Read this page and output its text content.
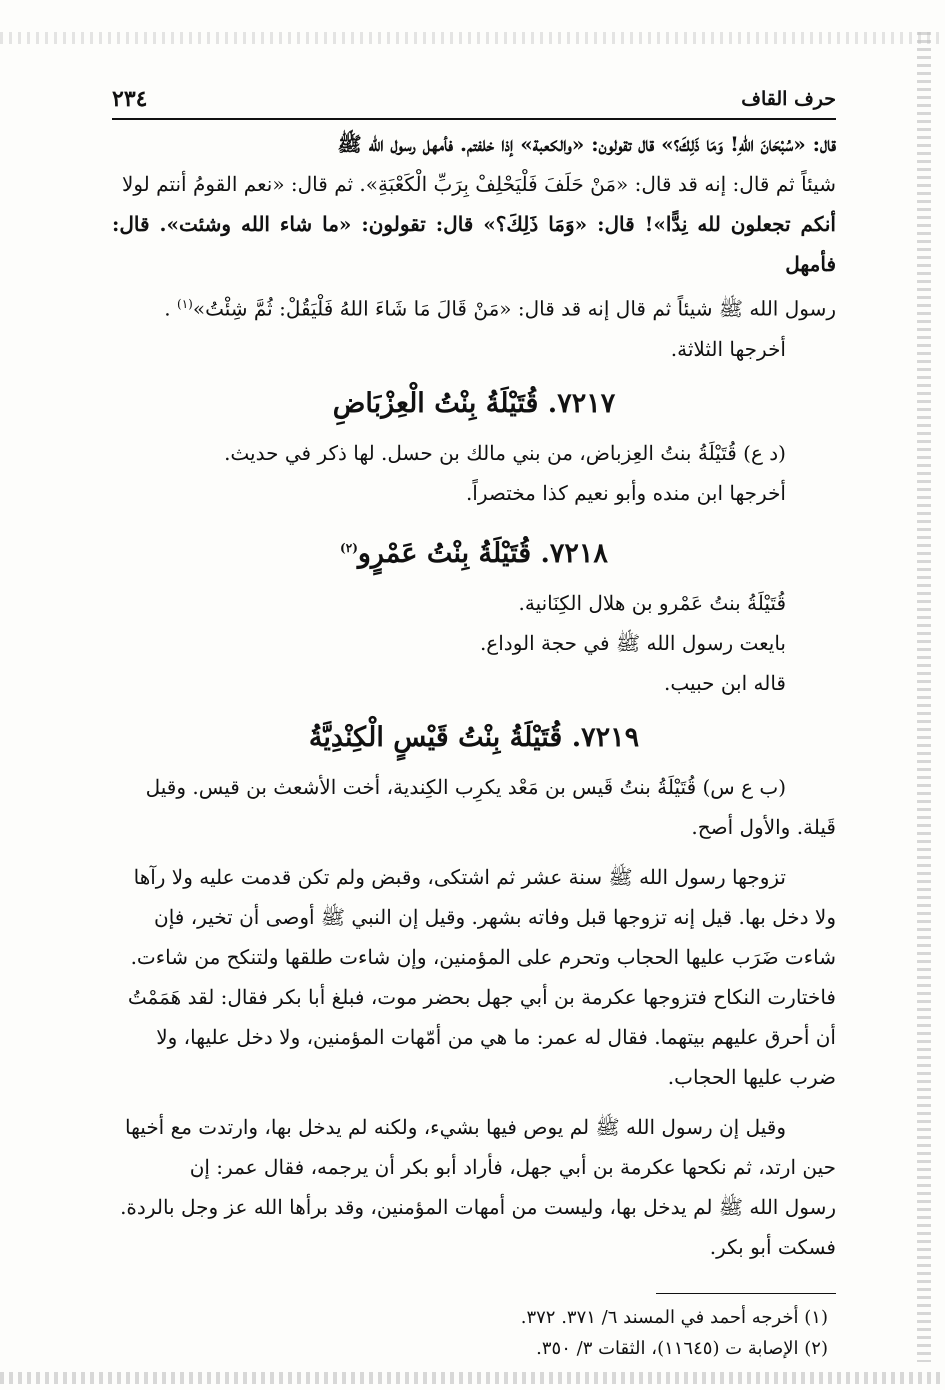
حرف القاف
٢٣٤

قال: «سُبْحَانَ اللهِ! وَمَا ذَلِكَ؟» قال تقولون: «والكعبة» إذا خلفتم. فأمهل رسول الله ﷺ

شيئاً ثم قال: إنه قد قال: «مَنْ حَلَفَ فَلْيَحْلِفْ بِرَبِّ الْكَعْبَةِ». ثم قال: «نعم القومُ أنتم لولا

أنكم تجعلون لله نِدًّا»! قال: «وَمَا ذَلِكَ؟» قال: تقولون: «ما شاء الله وشئت». قال: فأمهل

رسول الله ﷺ شيئاً ثم قال إنه قد قال: «مَنْ قَالَ مَا شَاءَ اللهُ فَلْيَقُلْ: ثُمَّ شِئْتُ»$^{(١)}$ .

أخرجها الثلاثة.

٧٢١٧. قُتَيْلَةُ بِنْتُ الْعِزْبَاضِ

(د ع) قُتَيْلَةُ بنتُ العِزباض، من بني مالك بن حسل. لها ذكر في حديث.

أخرجها ابن منده وأبو نعيم كذا مختصراً.

٧٢١٨. قُتَيْلَةُ بِنْتُ عَمْرٍو$^{(٢)}$

قُتَيْلَةُ بنتُ عَمْرو بن هلال الكِنَانية.

بايعت رسول الله ﷺ في حجة الوداع.

قاله ابن حبيب.

٧٢١٩. قُتَيْلَةُ بِنْتُ قَيْسٍ الْكِنْدِيَّةُ

(ب ع س) قُتَيْلَةُ بنتُ قَيس بن مَعْد يكرِب الكِندية، أخت الأشعث بن قيس. وقيل

قَيلة. والأول أصح.

تزوجها رسول الله ﷺ سنة عشر ثم اشتكى، وقبض ولم تكن قدمت عليه ولا رآها

ولا دخل بها. قيل إنه تزوجها قبل وفاته بشهر. وقيل إن النبي ﷺ أوصى أن تخير، فإن

شاءت ضَرَب عليها الحجاب وتحرم على المؤمنين، وإن شاءت طلقها ولتنكح من شاءت.

فاختارت النكاح فتزوجها عكرمة بن أبي جهل بحضر موت، فبلغ أبا بكر فقال: لقد هَمَمْتُ

أن أحرق عليهم بيتهما. فقال له عمر: ما هي من أمّهات المؤمنين، ولا دخل عليها، ولا

ضرب عليها الحجاب.

وقيل إن رسول الله ﷺ لم يوص فيها بشيء، ولكنه لم يدخل بها، وارتدت مع أخيها

حين ارتد، ثم نكحها عكرمة بن أبي جهل، فأراد أبو بكر أن يرجمه، فقال عمر: إن

رسول الله ﷺ لم يدخل بها، وليست من أمهات المؤمنين، وقد برأها الله عز وجل بالردة.

فسكت أبو بكر.

(١) أخرجه أحمد في المسند ٦/ ٣٧١. ٣٧٢.
(٢) الإصابة ت (١١٦٤٥)، الثقات ٣/ ٣٥٠.
